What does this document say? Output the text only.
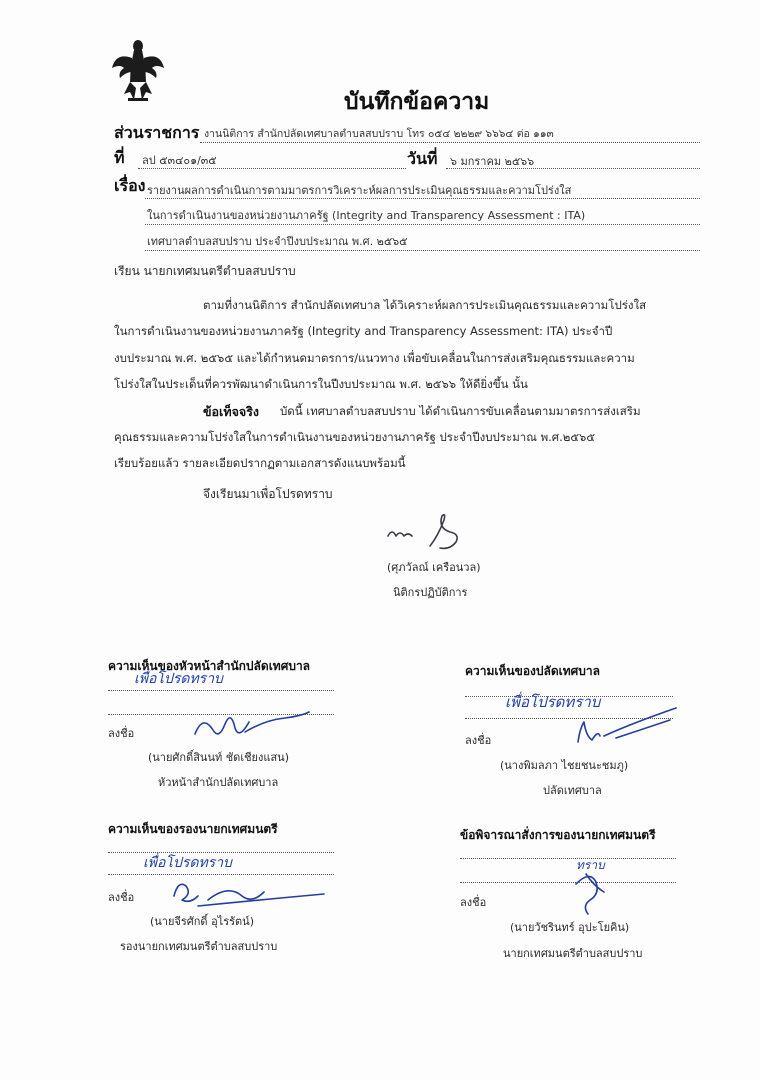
บันทึกข้อความ
ส่วนราชการ งานนิติการ สำนักปลัดเทศบาลตำบลสบปราบ โทร ๐๕๔ ๒๒๒๙ ๖๖๖๔ ต่อ ๑๑๓
ที่ ลป ๕๓๔๐๑/๓๕	วันที่ ๖ มกราคม ๒๕๖๖
เรื่อง รายงานผลการดำเนินการตามมาตรการวิเคราะห์ผลการประเมินคุณธรรมและความโปร่งใส
ในการดำเนินงานของหน่วยงานภาครัฐ (Integrity and Transparency Assessment : ITA)
เทศบาลตำบลสบปราบ ประจำปีงบประมาณ พ.ศ. ๒๕๖๕
เรียน นายกเทศมนตรีตำบลสบปราบ
ตามที่งานนิติการ สำนักปลัดเทศบาล ได้วิเคราะห์ผลการประเมินคุณธรรมและความโปร่งใส
ในการดำเนินงานของหน่วยงานภาครัฐ (Integrity and Transparency Assessment: ITA) ประจำปี
งบประมาณ พ.ศ. ๒๕๖๕ และได้กำหนดมาตรการ/แนวทาง เพื่อขับเคลื่อนในการส่งเสริมคุณธรรมและความ
โปร่งใสในประเด็นที่ควรพัฒนาดำเนินการในปีงบประมาณ พ.ศ. ๒๕๖๖ ให้ดียิ่งขึ้น นั้น
ข้อเท็จจริง บัดนี้ เทศบาลตำบลสบปราบ ได้ดำเนินการขับเคลื่อนตามมาตรการส่งเสริม
คุณธรรมและความโปร่งใสในการดำเนินงานของหน่วยงานภาครัฐ ประจำปีงบประมาณ พ.ศ.๒๕๖๕
เรียบร้อยแล้ว รายละเอียดปรากฏตามเอกสารดังแนบพร้อมนี้
จึงเรียนมาเพื่อโปรดทราบ
(ศุภวัลณ์ เครือนวล)
นิติกรปฏิบัติการ
ความเห็นของหัวหน้าสำนักปลัดเทศบาล
เพื่อโปรดทราบ
ลงชื่อ
(นายศักดิ์สินนท์ ชัดเชียงแสน)
หัวหน้าสำนักปลัดเทศบาล
ความเห็นของปลัดเทศบาล
เพื่อโปรดทราบ
ลงชื่อ
(นางพิมลภา ไชยชนะชมภู)
ปลัดเทศบาล
ความเห็นของรองนายกเทศมนตรี
เพื่อโปรดทราบ
ลงชื่อ
(นายจีรศักดิ์ อุไรรัตน์)
รองนายกเทศมนตรีตำบลสบปราบ
ข้อพิจารณาสั่งการของนายกเทศมนตรี
ทราบ
ลงชื่อ
(นายวัชรินทร์ อุปะโยคิน)
นายกเทศมนตรีตำบลสบปราบ
